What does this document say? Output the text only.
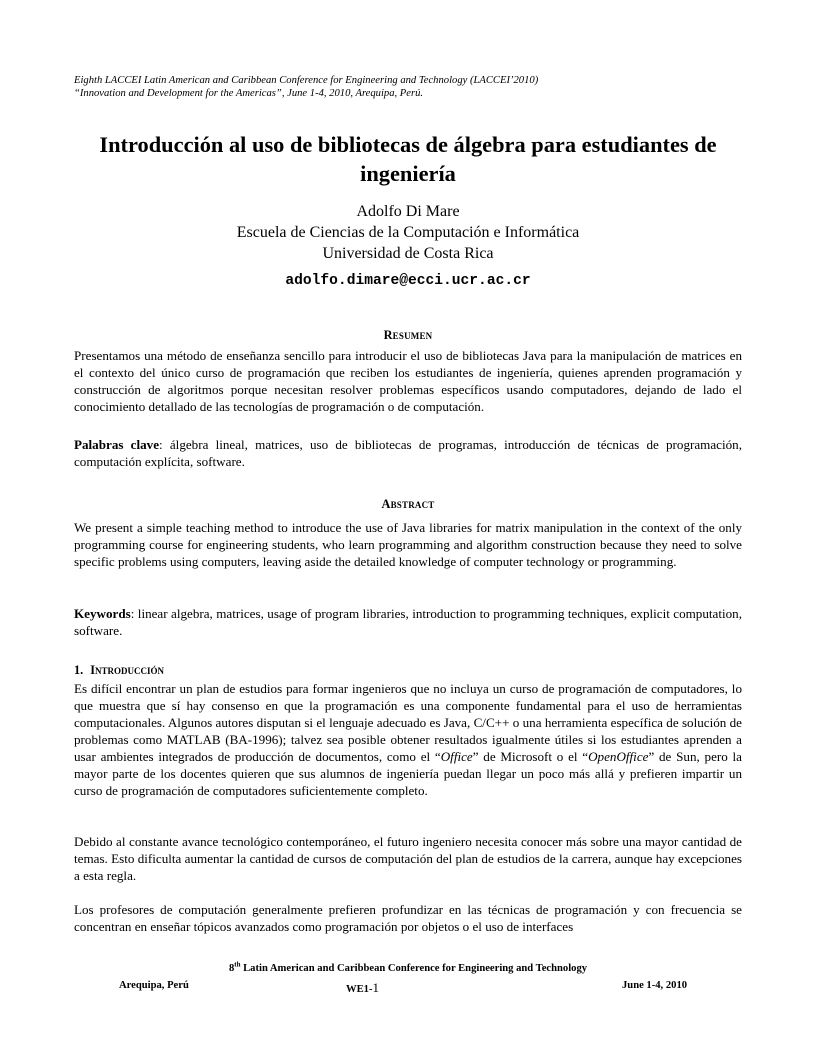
Eighth LACCEI Latin American and Caribbean Conference for Engineering and Technology (LACCEI’2010)
“Innovation and Development for the Americas”, June 1-4, 2010, Arequipa, Perú.
Introducción al uso de bibliotecas de álgebra para estudiantes de
ingeniería
Adolfo Di Mare
Escuela de Ciencias de la Computación e Informática
Universidad de Costa Rica
adolfo.dimare@ecci.ucr.ac.cr
Resumen
Presentamos una método de enseñanza sencillo para introducir el uso de bibliotecas Java para la manipulación de matrices en el contexto del único curso de programación que reciben los estudiantes de ingeniería, quienes aprenden programación y construcción de algoritmos porque necesitan resolver problemas específicos usando computadores, dejando de lado el conocimiento detallado de las tecnologías de programación o de computación.
Palabras clave: álgebra lineal, matrices, uso de bibliotecas de programas, introducción de técnicas de programación, computación explícita, software.
Abstract
We present a simple teaching method to introduce the use of Java libraries for matrix manipulation in the context of the only programming course for engineering students, who learn programming and algorithm construction because they need to solve specific problems using computers, leaving aside the detailed knowledge of computer technology or programming.
Keywords: linear algebra, matrices, usage of program libraries, introduction to programming techniques, explicit computation, software.
1. Introducción
Es difícil encontrar un plan de estudios para formar ingenieros que no incluya un curso de programación de computadores, lo que muestra que sí hay consenso en que la programación es una componente fundamental para el uso de herramientas computacionales. Algunos autores disputan si el lenguaje adecuado es Java, C/C++ o una herramienta específica de solución de problemas como MATLAB (BA-1996); talvez sea posible obtener resultados igualmente útiles si los estudiantes aprenden a usar ambientes integrados de producción de documentos, como el “Office” de Microsoft o el “OpenOffice” de Sun, pero la mayor parte de los docentes quieren que sus alumnos de ingeniería puedan llegar un poco más allá y prefieren impartir un curso de programación de computadores suficientemente completo.
Debido al constante avance tecnológico contemporáneo, el futuro ingeniero necesita conocer más sobre una mayor cantidad de temas. Esto dificulta aumentar la cantidad de cursos de computación del plan de estudios de la carrera, aunque hay excepciones a esta regla.
Los profesores de computación generalmente prefieren profundizar en las técnicas de programación y con frecuencia se concentran en enseñar tópicos avanzados como programación por objetos o el uso de interfaces
8th Latin American and Caribbean Conference for Engineering and Technology
Arequipa, Perú	WE1-1	June 1-4, 2010
